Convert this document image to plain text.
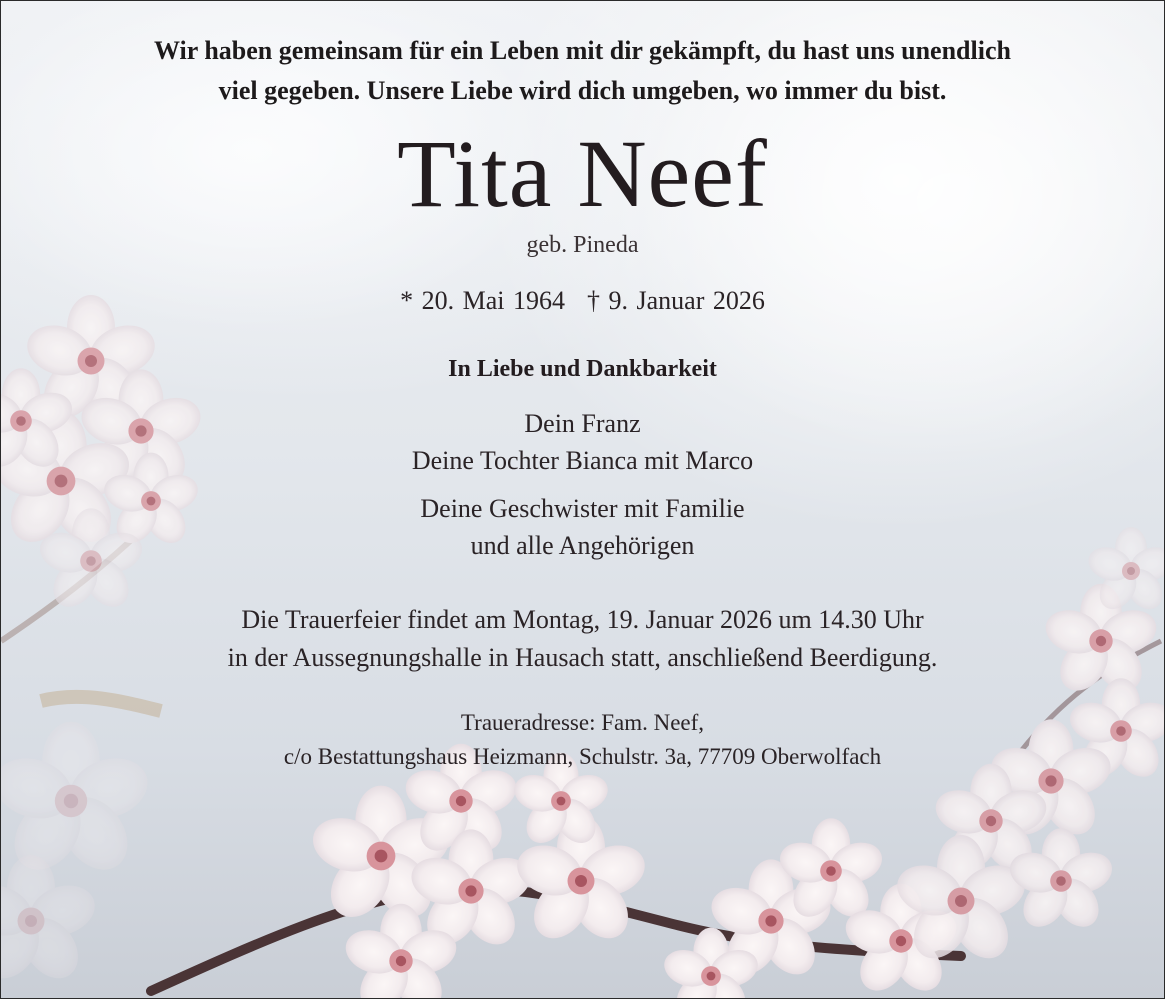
Wir haben gemeinsam für ein Leben mit dir gekämpft, du hast uns unendlich
viel gegeben. Unsere Liebe wird dich umgeben, wo immer du bist.
Tita Neef
geb. Pineda
* 20. Mai 1964 † 9. Januar 2026
In Liebe und Dankbarkeit
Dein Franz
Deine Tochter Bianca mit Marco
Deine Geschwister mit Familie
und alle Angehörigen
Die Trauerfeier findet am Montag, 19. Januar 2026 um 14.30 Uhr
in der Aussegnungshalle in Hausach statt, anschließend Beerdigung.
Traueradresse: Fam. Neef,
c/o Bestattungshaus Heizmann, Schulstr. 3a, 77709 Oberwolfach
